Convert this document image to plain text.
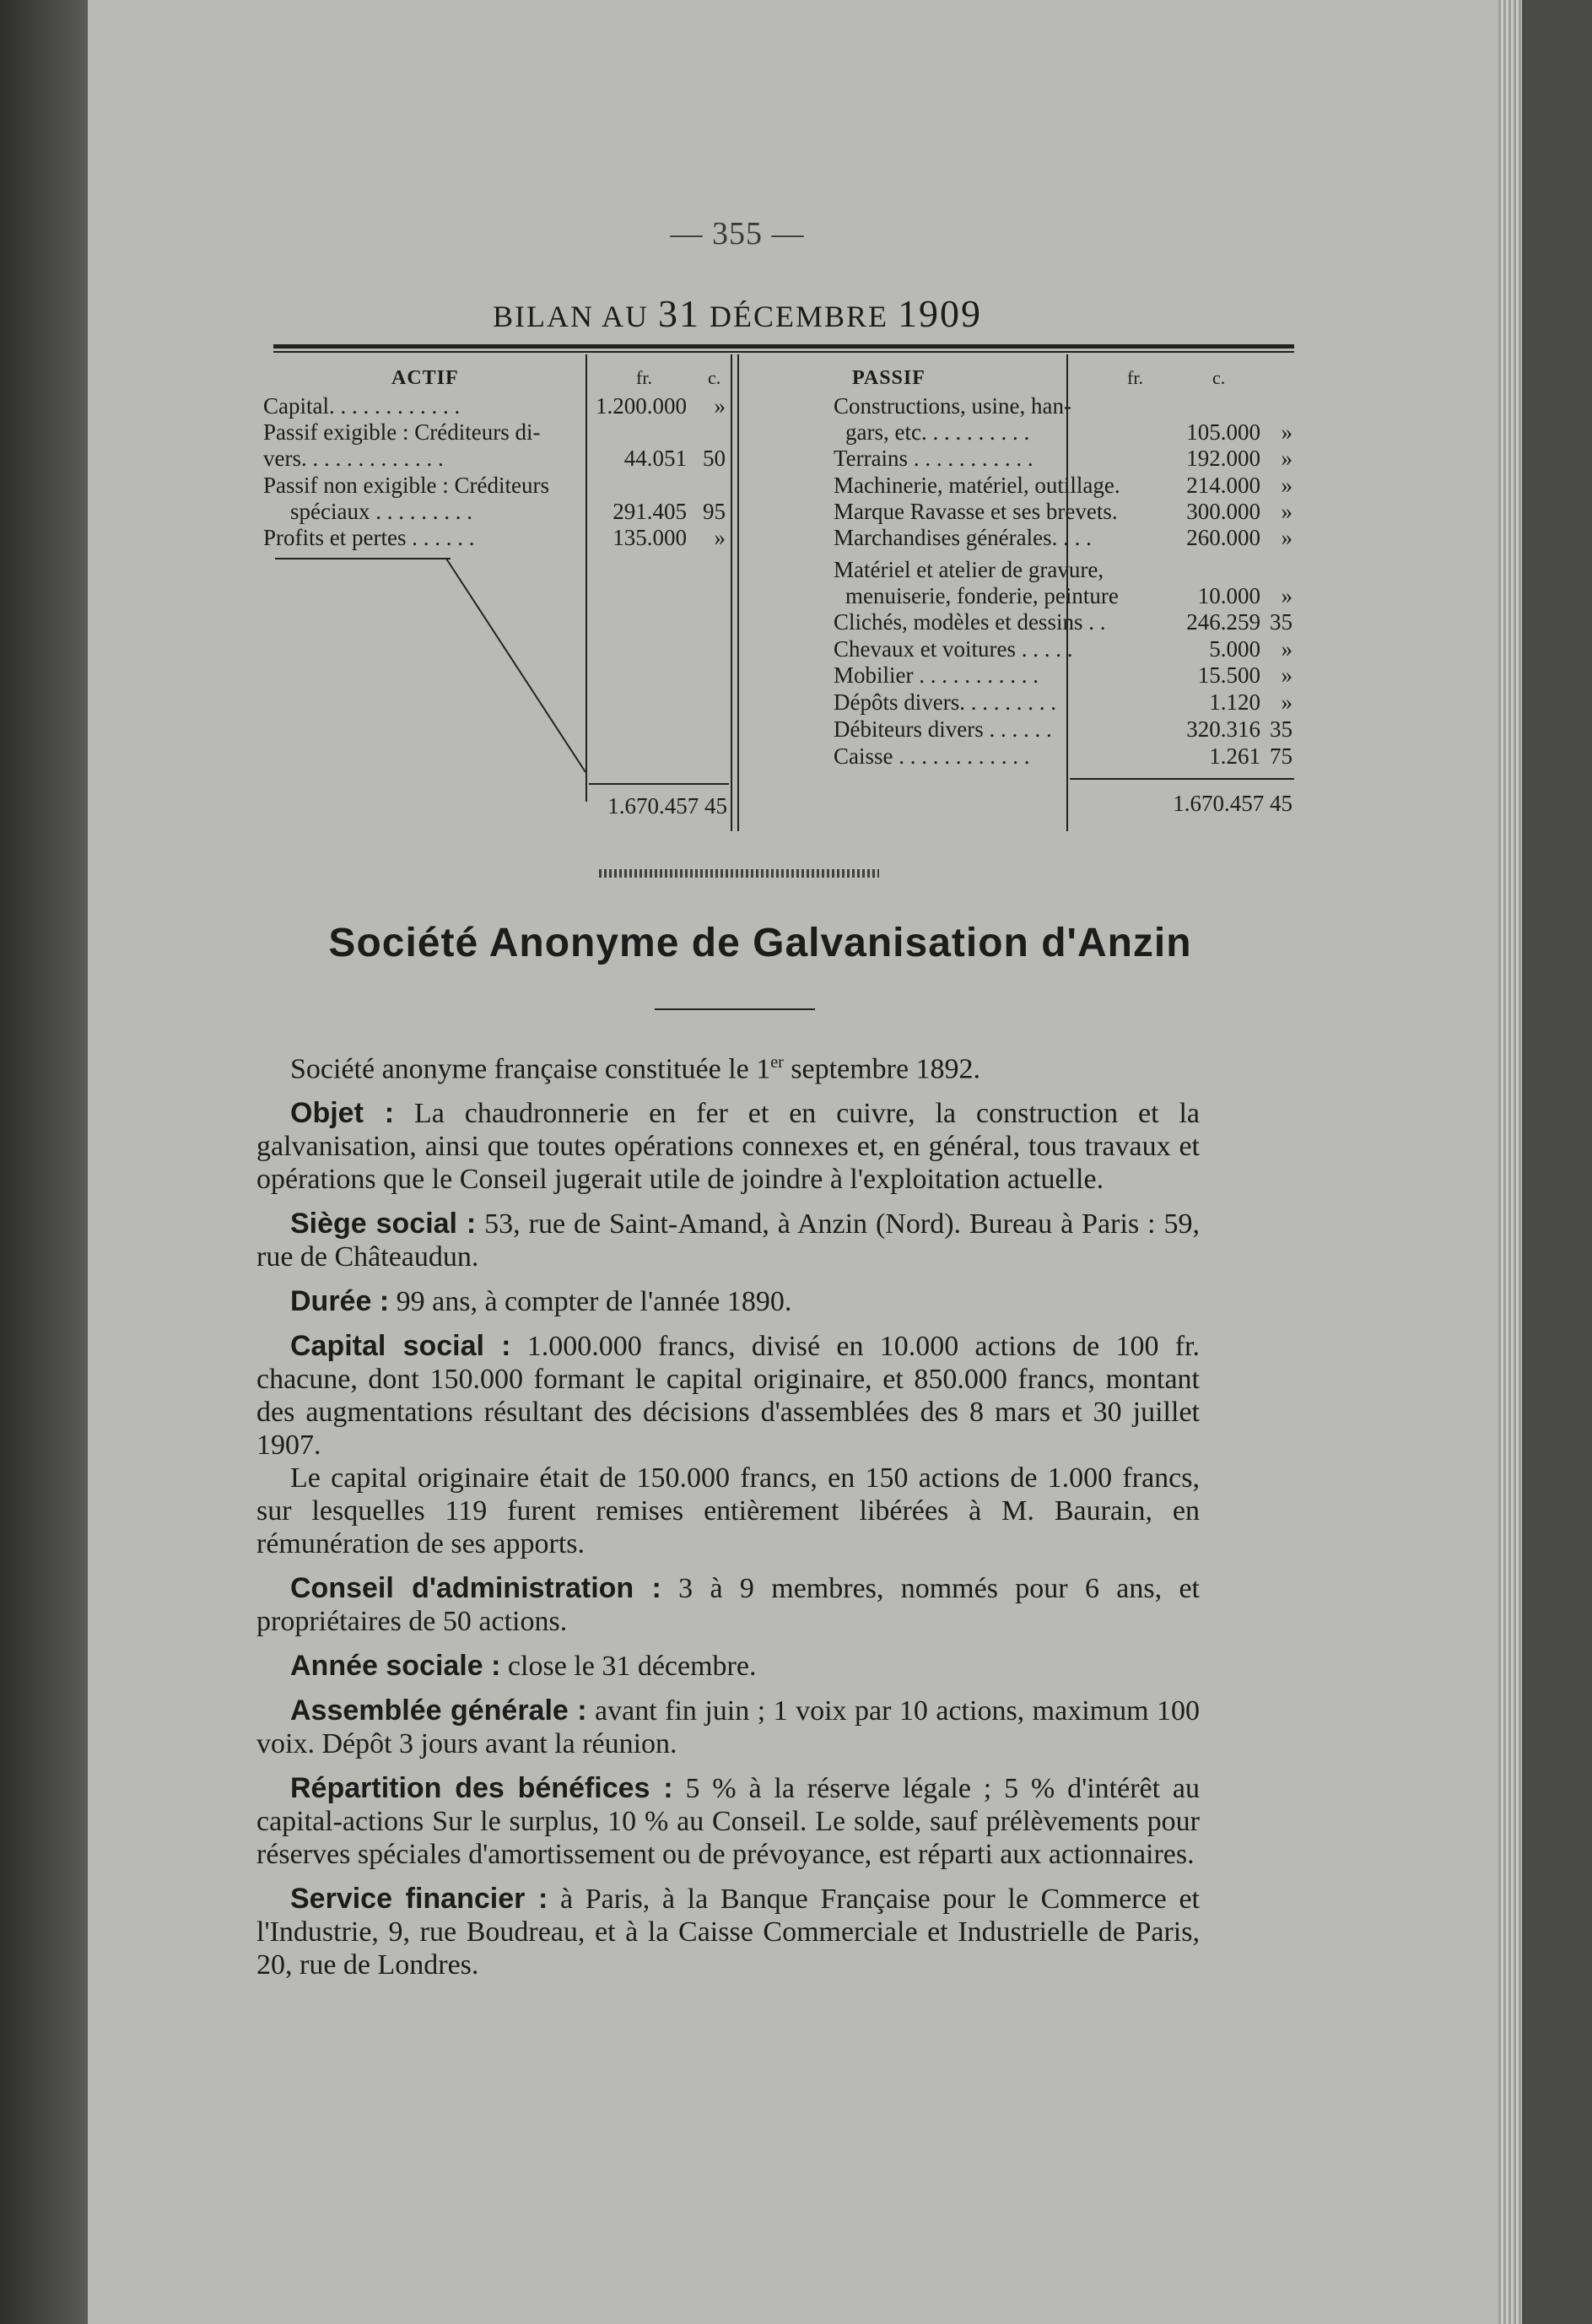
— 355 —
BILAN AU 31 DÉCEMBRE 1909
ACTIF	fr.	c.	PASSIF	fr.	c.
Capital. . . . . . . . . . . .	1.200.000	»
Passif exigible : Créditeurs di-
vers. . . . . . . . . . . . .	44.051 50
Passif non exigible : Créditeurs
spéciaux . . . . . . . . .	291.405 95
Profits et pertes . . . . . .	135.000	»
1.670.457 45
Constructions, usine, han-
gars, etc. . . . . . . . . .	105.000 »
Terrains . . . . . . . . . . .	192.000 »
Machinerie, matériel, outillage.	214.000 »
Marque Ravasse et ses brevets.	300.000 »
Marchandises générales. . . .	260.000 »
Matériel et atelier de gravure,
menuiserie, fonderie, peinture	10.000 »
Clichés, modèles et dessins . .	246.259 35
Chevaux et voitures . . . . .	5.000 »
Mobilier . . . . . . . . . . .	15.500 »
Dépôts divers. . . . . . . . .	1.120 »
Débiteurs divers . . . . . .	320.316 35
Caisse . . . . . . . . . . . .	1.261 75
1.670.457 45
Société Anonyme de Galvanisation d'Anzin

Société anonyme française constituée le 1er septembre 1892.

Objet : La chaudronnerie en fer et en cuivre, la construction et la galvanisation, ainsi que toutes opérations connexes et, en général, tous travaux et opérations que le Conseil jugerait utile de joindre à l'exploitation actuelle.

Siège social : 53, rue de Saint-Amand, à Anzin (Nord). Bureau à Paris : 59, rue de Châteaudun.

Durée : 99 ans, à compter de l'année 1890.

Capital social : 1.000.000 francs, divisé en 10.000 actions de 100 fr. chacune, dont 150.000 formant le capital originaire, et 850.000 francs, montant des augmentations résultant des décisions d'assemblées des 8 mars et 30 juillet 1907.

Le capital originaire était de 150.000 francs, en 150 actions de 1.000 francs, sur lesquelles 119 furent remises entièrement libérées à M. Baurain, en rémunération de ses apports.

Conseil d'administration : 3 à 9 membres, nommés pour 6 ans, et propriétaires de 50 actions.

Année sociale : close le 31 décembre.

Assemblée générale : avant fin juin ; 1 voix par 10 actions, maximum 100 voix. Dépôt 3 jours avant la réunion.

Répartition des bénéfices : 5 % à la réserve légale ; 5 % d'intérêt au capital-actions Sur le surplus, 10 % au Conseil. Le solde, sauf prélèvements pour réserves spéciales d'amortissement ou de prévoyance, est réparti aux actionnaires.

Service financier : à Paris, à la Banque Française pour le Commerce et l'Industrie, 9, rue Boudreau, et à la Caisse Commerciale et Industrielle de Paris, 20, rue de Londres.
